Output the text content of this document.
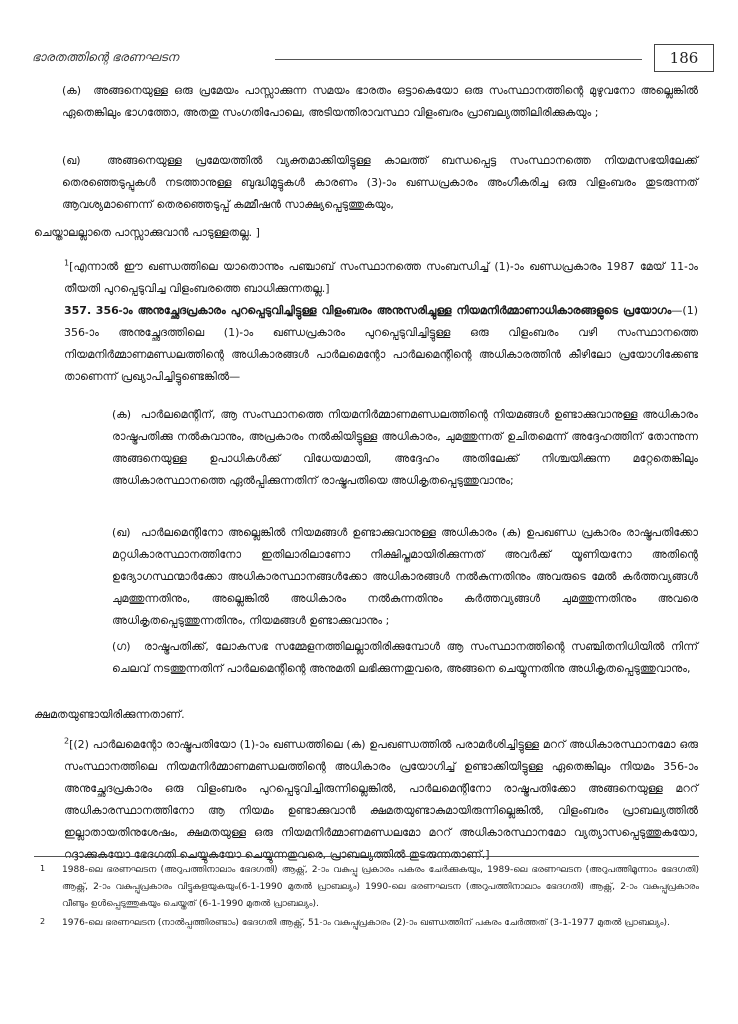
ഭാരതത്തിന്റെ ഭരണഘടന	186

(ക) അങ്ങനെയുള്ള ഒരു പ്രമേയം പാസ്സാക്കുന്ന സമയം ഭാരതം ഒട്ടാകെയോ ഒരു സംസ്ഥാനത്തിന്റെ മുഴുവനോ അല്ലെങ്കിൽ ഏതെങ്കിലും ഭാഗത്തോ, അതതു സംഗതിപോലെ, അടിയന്തിരാവസ്ഥാ വിളംബരം പ്രാബല്യത്തിലിരിക്കുകയും ;

(ഖ) അങ്ങനെയുള്ള പ്രമേയത്തിൽ വ്യക്തമാക്കിയിട്ടുള്ള കാലത്ത് ബന്ധപ്പെട്ട സംസ്ഥാനത്തെ നിയമസഭയിലേക്ക് തെരഞ്ഞെടുപ്പുകൾ നടത്താനുള്ള ബുദ്ധിമുട്ടുകൾ കാരണം (3)-ാം ഖണ്ഡപ്രകാരം അംഗീകരിച്ച ഒരു വിളംബരം തുടരുന്നത് ആവശ്യമാണെന്ന് തെരഞ്ഞെടുപ്പ് കമ്മീഷൻ സാക്ഷ്യപ്പെടുത്തുകയും,

ചെയ്താലല്ലാതെ പാസ്സാക്കുവാൻ പാടുള്ളതല്ല. ]

$^1$[എന്നാൽ ഈ ഖണ്ഡത്തിലെ യാതൊന്നും പഞ്ചാബ് സംസ്ഥാനത്തെ സംബന്ധിച്ച് (1)-ാം ഖണ്ഡപ്രകാരം 1987 മേയ് 11-ാം തീയതി പുറപ്പെടുവിച്ച വിളംബരത്തെ ബാധിക്കുന്നതല്ല.]

357. 356-ാം അനുച്ഛേദപ്രകാരം പുറപ്പെടുവിച്ചിട്ടുള്ള വിളംബരം അനുസരിച്ചുള്ള നിയമനിർമ്മാണാധികാരങ്ങളുടെ പ്രയോഗം—(1) 356-ാം അനുച്ഛേദത്തിലെ (1)-ാം ഖണ്ഡപ്രകാരം പുറപ്പെടുവിച്ചിട്ടുള്ള ഒരു വിളംബരം വഴി സംസ്ഥാനത്തെ നിയമനിർമ്മാണമണ്ഡലത്തിന്റെ അധികാരങ്ങൾ പാർലമെന്റോ പാർലമെന്റിന്റെ അധികാരത്തിൻ കീഴിലോ പ്രയോഗിക്കേണ്ട താണെന്ന് പ്രഖ്യാപിച്ചിട്ടുണ്ടെങ്കിൽ—

(ക) പാർലമെന്റിന്, ആ സംസ്ഥാനത്തെ നിയമനിർമ്മാണമണ്ഡലത്തിന്റെ നിയമങ്ങൾ ഉണ്ടാക്കുവാനുള്ള അധികാരം രാഷ്ട്രപതിക്കു നൽകുവാനും, അപ്രകാരം നൽകിയിട്ടുള്ള അധികാരം, ചുമത്തുന്നത് ഉചിതമെന്ന് അദ്ദേഹത്തിന് തോന്നുന്ന അങ്ങനെയുള്ള ഉപാധികൾക്ക് വിധേയമായി, അദ്ദേഹം അതിലേക്ക് നിശ്ചയിക്കുന്ന മറ്റേതെങ്കിലും അധികാരസ്ഥാനത്തെ ഏൽപ്പിക്കുന്നതിന് രാഷ്ട്രപതിയെ അധികൃതപ്പെടുത്തുവാനും;

(ഖ) പാർലമെന്റിനോ അല്ലെങ്കിൽ നിയമങ്ങൾ ഉണ്ടാക്കുവാനുള്ള അധികാരം (ക) ഉപഖണ്ഡ പ്രകാരം രാഷ്ട്രപതിക്കോ മറ്റധികാരസ്ഥാനത്തിനോ ഇതിലാരിലാണോ നിക്ഷിപ്തമായിരിക്കുന്നത് അവർക്ക് യൂണിയനോ അതിന്റെ ഉദ്യോഗസ്ഥന്മാർക്കോ അധികാരസ്ഥാനങ്ങൾക്കോ അധികാരങ്ങൾ നൽകുന്നതിനും അവരുടെ മേൽ കർത്തവ്യങ്ങൾ ചുമത്തുന്നതിനും, അല്ലെങ്കിൽ അധികാരം നൽകുന്നതിനും കർത്തവ്യങ്ങൾ ചുമത്തുന്നതിനും അവരെ അധികൃതപ്പെടുത്തുന്നതിനും, നിയമങ്ങൾ ഉണ്ടാക്കുവാനും ;

(ഗ) രാഷ്ട്രപതിക്ക്, ലോകസഭ സമ്മേളനത്തിലല്ലാതിരിക്കുമ്പോൾ ആ സംസ്ഥാനത്തിന്റെ സഞ്ചിതനിധിയിൽ നിന്ന് ചെലവ് നടത്തുന്നതിന് പാർലമെന്റിന്റെ അനുമതി ലഭിക്കുന്നതുവരെ, അങ്ങനെ ചെയ്യുന്നതിനു അധികൃതപ്പെടുത്തുവാനും,

ക്ഷമതയുണ്ടായിരിക്കുന്നതാണ്.

$^2$[(2) പാർലമെന്റോ രാഷ്ട്രപതിയോ (1)-ാം ഖണ്ഡത്തിലെ (ക) ഉപഖണ്ഡത്തിൽ പരാമർശിച്ചിട്ടുള്ള മററ് അധികാരസ്ഥാനമോ ഒരു സംസ്ഥാനത്തിലെ നിയമനിർമ്മാണമണ്ഡലത്തിന്റെ അധികാരം പ്രയോഗിച്ച് ഉണ്ടാക്കിയിട്ടുള്ള ഏതെങ്കിലും നിയമം 356-ാം അനുച്ഛേദപ്രകാരം ഒരു വിളംബരം പുറപ്പെടുവിച്ചിരുന്നില്ലെങ്കിൽ, പാർലമെന്റിനോ രാഷ്ട്രപതിക്കോ അങ്ങനെയുള്ള മററ് അധികാരസ്ഥാനത്തിനോ ആ നിയമം ഉണ്ടാക്കുവാൻ ക്ഷമതയുണ്ടാകുമായിരുന്നില്ലെങ്കിൽ, വിളംബരം പ്രാബല്യത്തിൽ ഇല്ലാതായതിനുശേഷം, ക്ഷമതയുള്ള ഒരു നിയമനിർമ്മാണമണ്ഡലമോ മററ് അധികാരസ്ഥാനമോ വ്യത്യാസപ്പെടുത്തുകയോ, റദ്ദാക്കുകയോ ഭേദഗതി ചെയ്യുകയോ ചെയ്യുന്നതുവരെ, പ്രാബല്യത്തിൽ തുടരുന്നതാണ്.]

1 1988-ലെ ഭരണഘടന (അറുപത്തിനാലാം ഭേദഗതി) ആക്റ്റ്, 2-ാം വകുപ്പു പ്രകാരം പകരം ചേർക്കുകയും, 1989-ലെ ഭരണഘടന (അറുപത്തിമൂന്നാം ഭേദഗതി) ആക്റ്റ്, 2-ാം വകുപ്പുപ്രകാരം വിട്ടുകളയുകയും(6-1-1990 മുതൽ പ്രാബല്യം) 1990-ലെ ഭരണഘടന (അറുപത്തിനാലാം ഭേദഗതി) ആക്റ്റ്, 2-ാം വകുപ്പുപ്രകാരം വീണ്ടും ഉൾപ്പെടുത്തുകയും ചെയ്തത് (6-1-1990 മുതൽ പ്രാബല്യം).

2 1976-ലെ ഭരണഘടന (നാൽപ്പത്തിരണ്ടാം) ഭേദഗതി ആക്റ്റ്, 51-ാം വകുപ്പുപ്രകാരം (2)-ാം ഖണ്ഡത്തിന് പകരം ചേർത്തത് (3-1-1977 മുതൽ പ്രാബല്യം).
